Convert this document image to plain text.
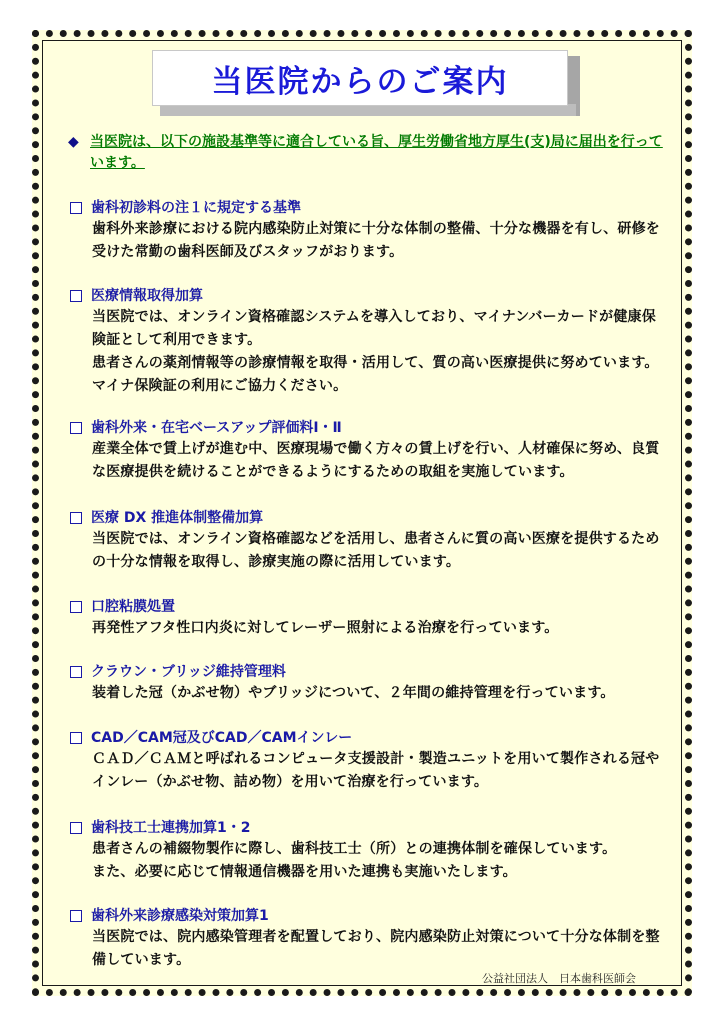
当医院からのご案内
◆ 当医院は、以下の施設基準等に適合している旨、厚生労働省地方厚生(支)局に届出を行っています。
歯科初診料の注１に規定する基準
歯科外来診療における院内感染防止対策に十分な体制の整備、十分な機器を有し、研修を受けた常勤の歯科医師及びスタッフがおります。
医療情報取得加算
当医院では、オンライン資格確認システムを導入しており、マイナンバーカードが健康保険証として利用できます。
患者さんの薬剤情報等の診療情報を取得・活用して、質の高い医療提供に努めています。マイナ保険証の利用にご協力ください。
歯科外来・在宅ベースアップ評価料Ⅰ・Ⅱ
産業全体で賃上げが進む中、医療現場で働く方々の賃上げを行い、人材確保に努め、良質な医療提供を続けることができるようにするための取組を実施しています。
医療 DX 推進体制整備加算
当医院では、オンライン資格確認などを活用し、患者さんに質の高い医療を提供するための十分な情報を取得し、診療実施の際に活用しています。
口腔粘膜処置
再発性アフタ性口内炎に対してレーザー照射による治療を行っています。
クラウン・ブリッジ維持管理料
装着した冠（かぶせ物）やブリッジについて、２年間の維持管理を行っています。
CAD／CAM冠及びCAD／CAMインレー
ＣＡＤ／ＣＡＭと呼ばれるコンピュータ支援設計・製造ユニットを用いて製作される冠やインレー（かぶせ物、詰め物）を用いて治療を行っています。
歯科技工士連携加算1・2
患者さんの補綴物製作に際し、歯科技工士（所）との連携体制を確保しています。
また、必要に応じて情報通信機器を用いた連携も実施いたします。
歯科外来診療感染対策加算1
当医院では、院内感染管理者を配置しており、院内感染防止対策について十分な体制を整備しています。
公益社団法人　日本歯科医師会
